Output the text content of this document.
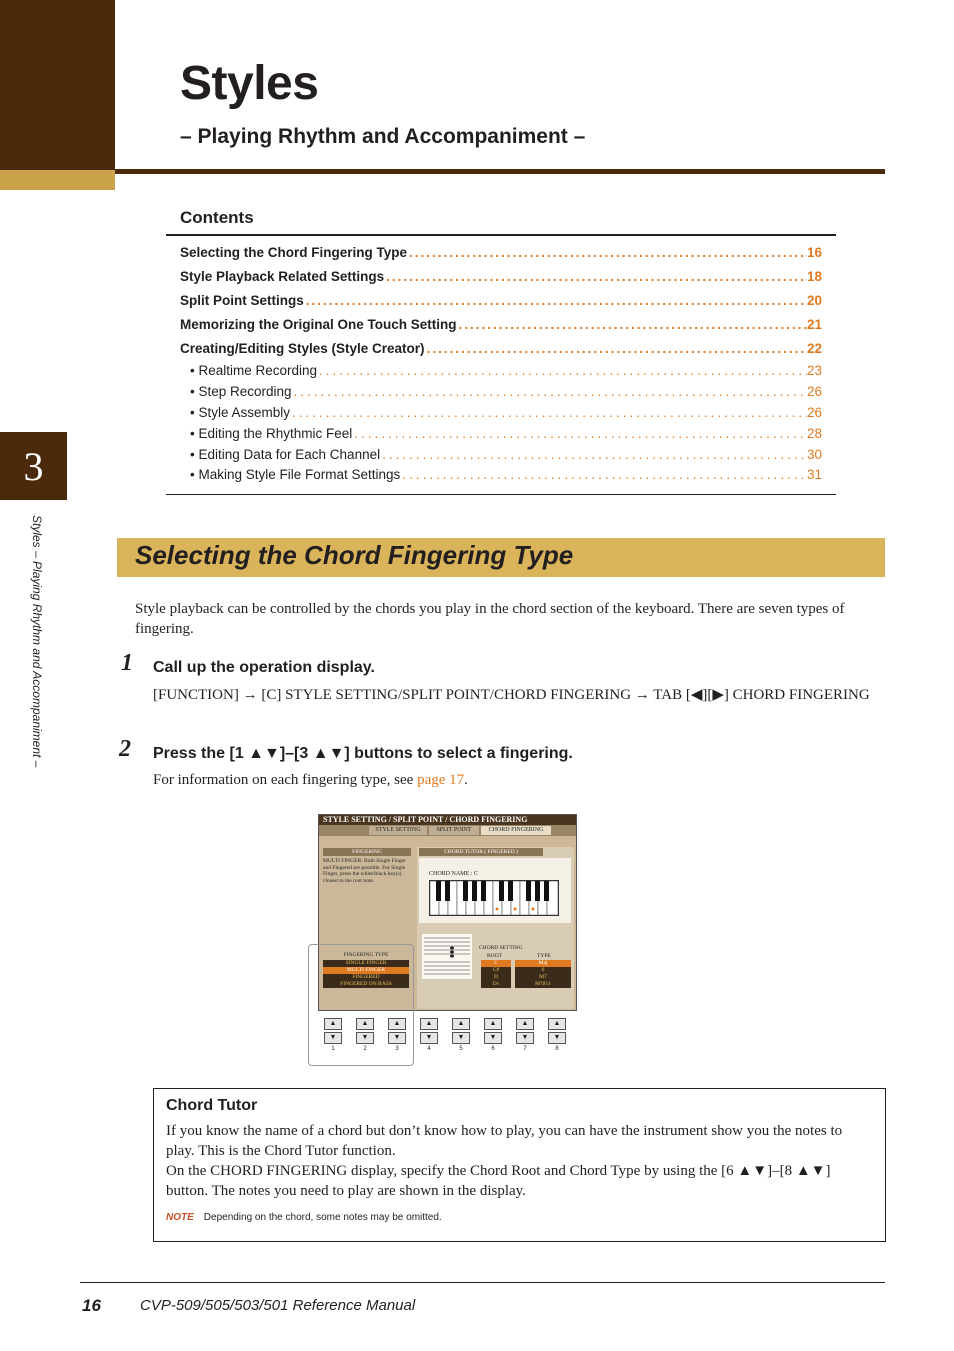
Styles
– Playing Rhythm and Accompaniment –
Contents
Selecting the Chord Fingering Type .....	16
Style Playback Related Settings .....	18
Split Point Settings .....	20
Memorizing the Original One Touch Setting .....	21
Creating/Editing Styles (Style Creator) .....	22
• Realtime Recording .....	23
• Step Recording .....	26
• Style Assembly .....	26
• Editing the Rhythmic Feel .....	28
• Editing Data for Each Channel .....	30
• Making Style File Format Settings .....	31
3
Styles – Playing Rhythm and Accompaniment –	Selecting the Chord Fingering Type
Style playback can be controlled by the chords you play in the chord section of the keyboard. There are seven types of fingering.
1 Call up the operation display.
[FUNCTION] → [C] STYLE SETTING/SPLIT POINT/CHORD FINGERING → TAB [◀][▶] CHORD FINGERING
2 Press the [1 ▲▼]–[3 ▲▼] buttons to select a fingering.
For information on each fingering type, see page 17.
STYLE SETTING / SPLIT POINT / CHORD FINGERING
STYLE SETTING	SPLIT POINT	CHORD FINGERING
FINGERING
MULTI FINGER: Both Single Finger and Fingered are possible. For Single Finger, press the white/black key(s) closest to the root note.
CHORD TUTOR ( FINGERED )
CHORD NAME : C
FINGERING TYPE
SINGLE FINGER
MULTI FINGER
FINGERED
FINGERED ON BASS
CHORD SETTING
ROOT	TYPE
C
C♯
D
D♭
Maj
6
M7
M7♯11
▲
▼
1
▲
▼
2
▲
▼
3
▲
▼
4
▲
▼
5
▲
▼
6
▲
▼
7
▲
▼
8
Chord Tutor
If you know the name of a chord but don’t know how to play, you can have the instrument show you the notes to play. This is the Chord Tutor function.
On the CHORD FINGERING display, specify the Chord Root and Chord Type by using the [6 ▲▼]–[8 ▲▼] button. The notes you need to play are shown in the display.
NOTE Depending on the chord, some notes may be omitted.
16	CVP-509/505/503/501 Reference Manual
